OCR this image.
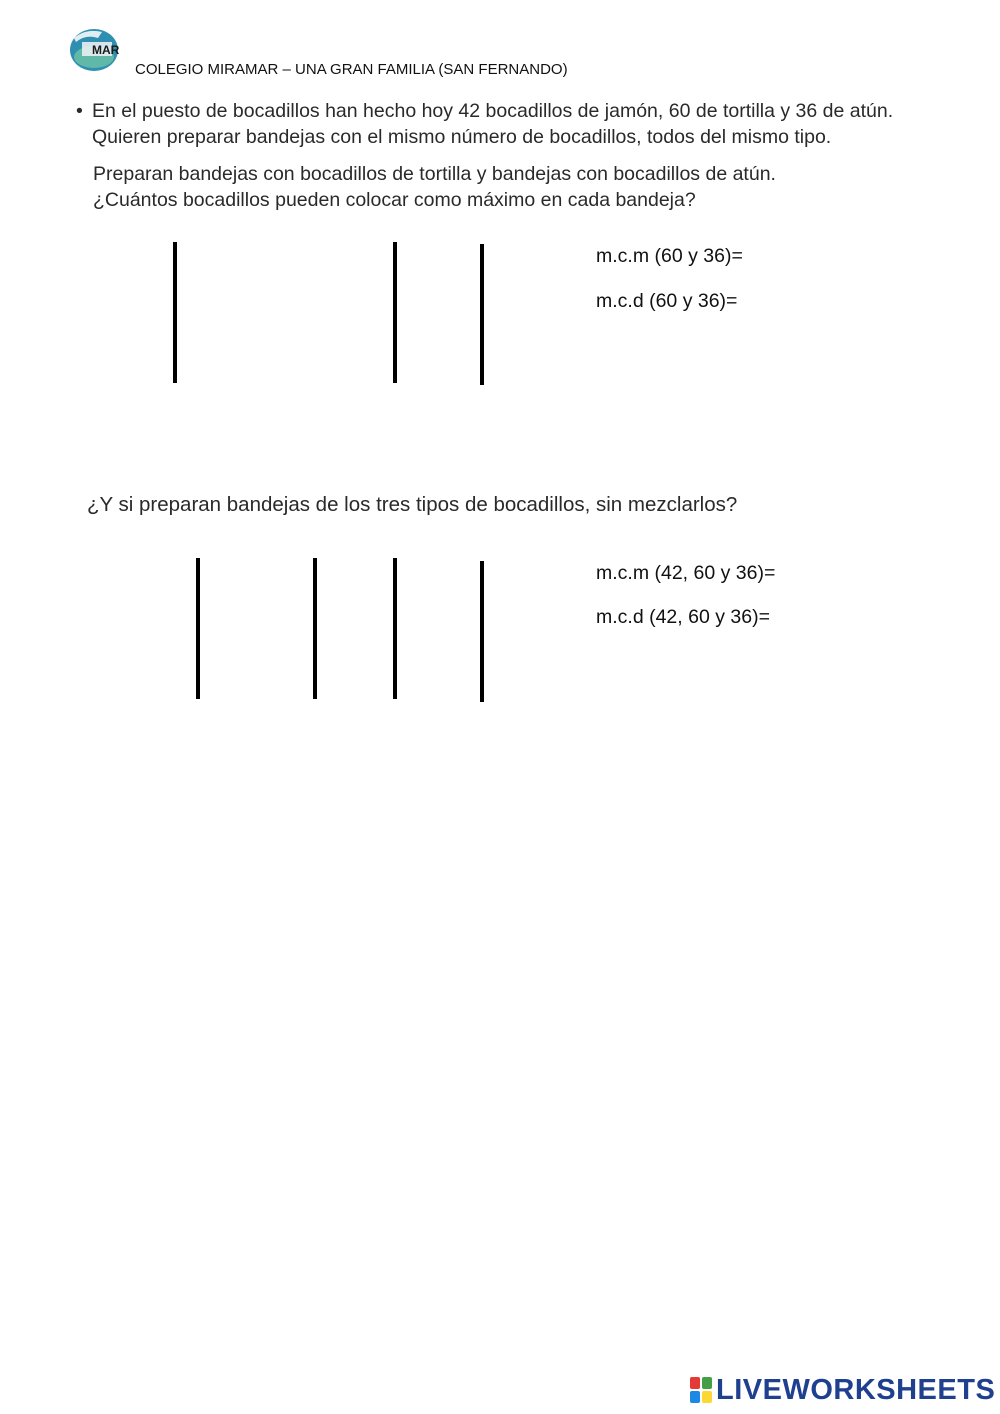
MAR
COLEGIO MIRAMAR – UNA GRAN FAMILIA (SAN FERNANDO)
• En el puesto de bocadillos han hecho hoy 42 bocadillos de jamón, 60 de tortilla y 36 de atún.
Quieren preparar bandejas con el mismo número de bocadillos, todos del mismo tipo.
Preparan bandejas con bocadillos de tortilla y bandejas con bocadillos de atún.
¿Cuántos bocadillos pueden colocar como máximo en cada bandeja?
m.c.m (60 y 36)=
m.c.d (60 y 36)=
¿Y si preparan bandejas de los tres tipos de bocadillos, sin mezclarlos?
m.c.m (42, 60 y 36)=
m.c.d (42, 60 y 36)=
LIVEWORKSHEETS
